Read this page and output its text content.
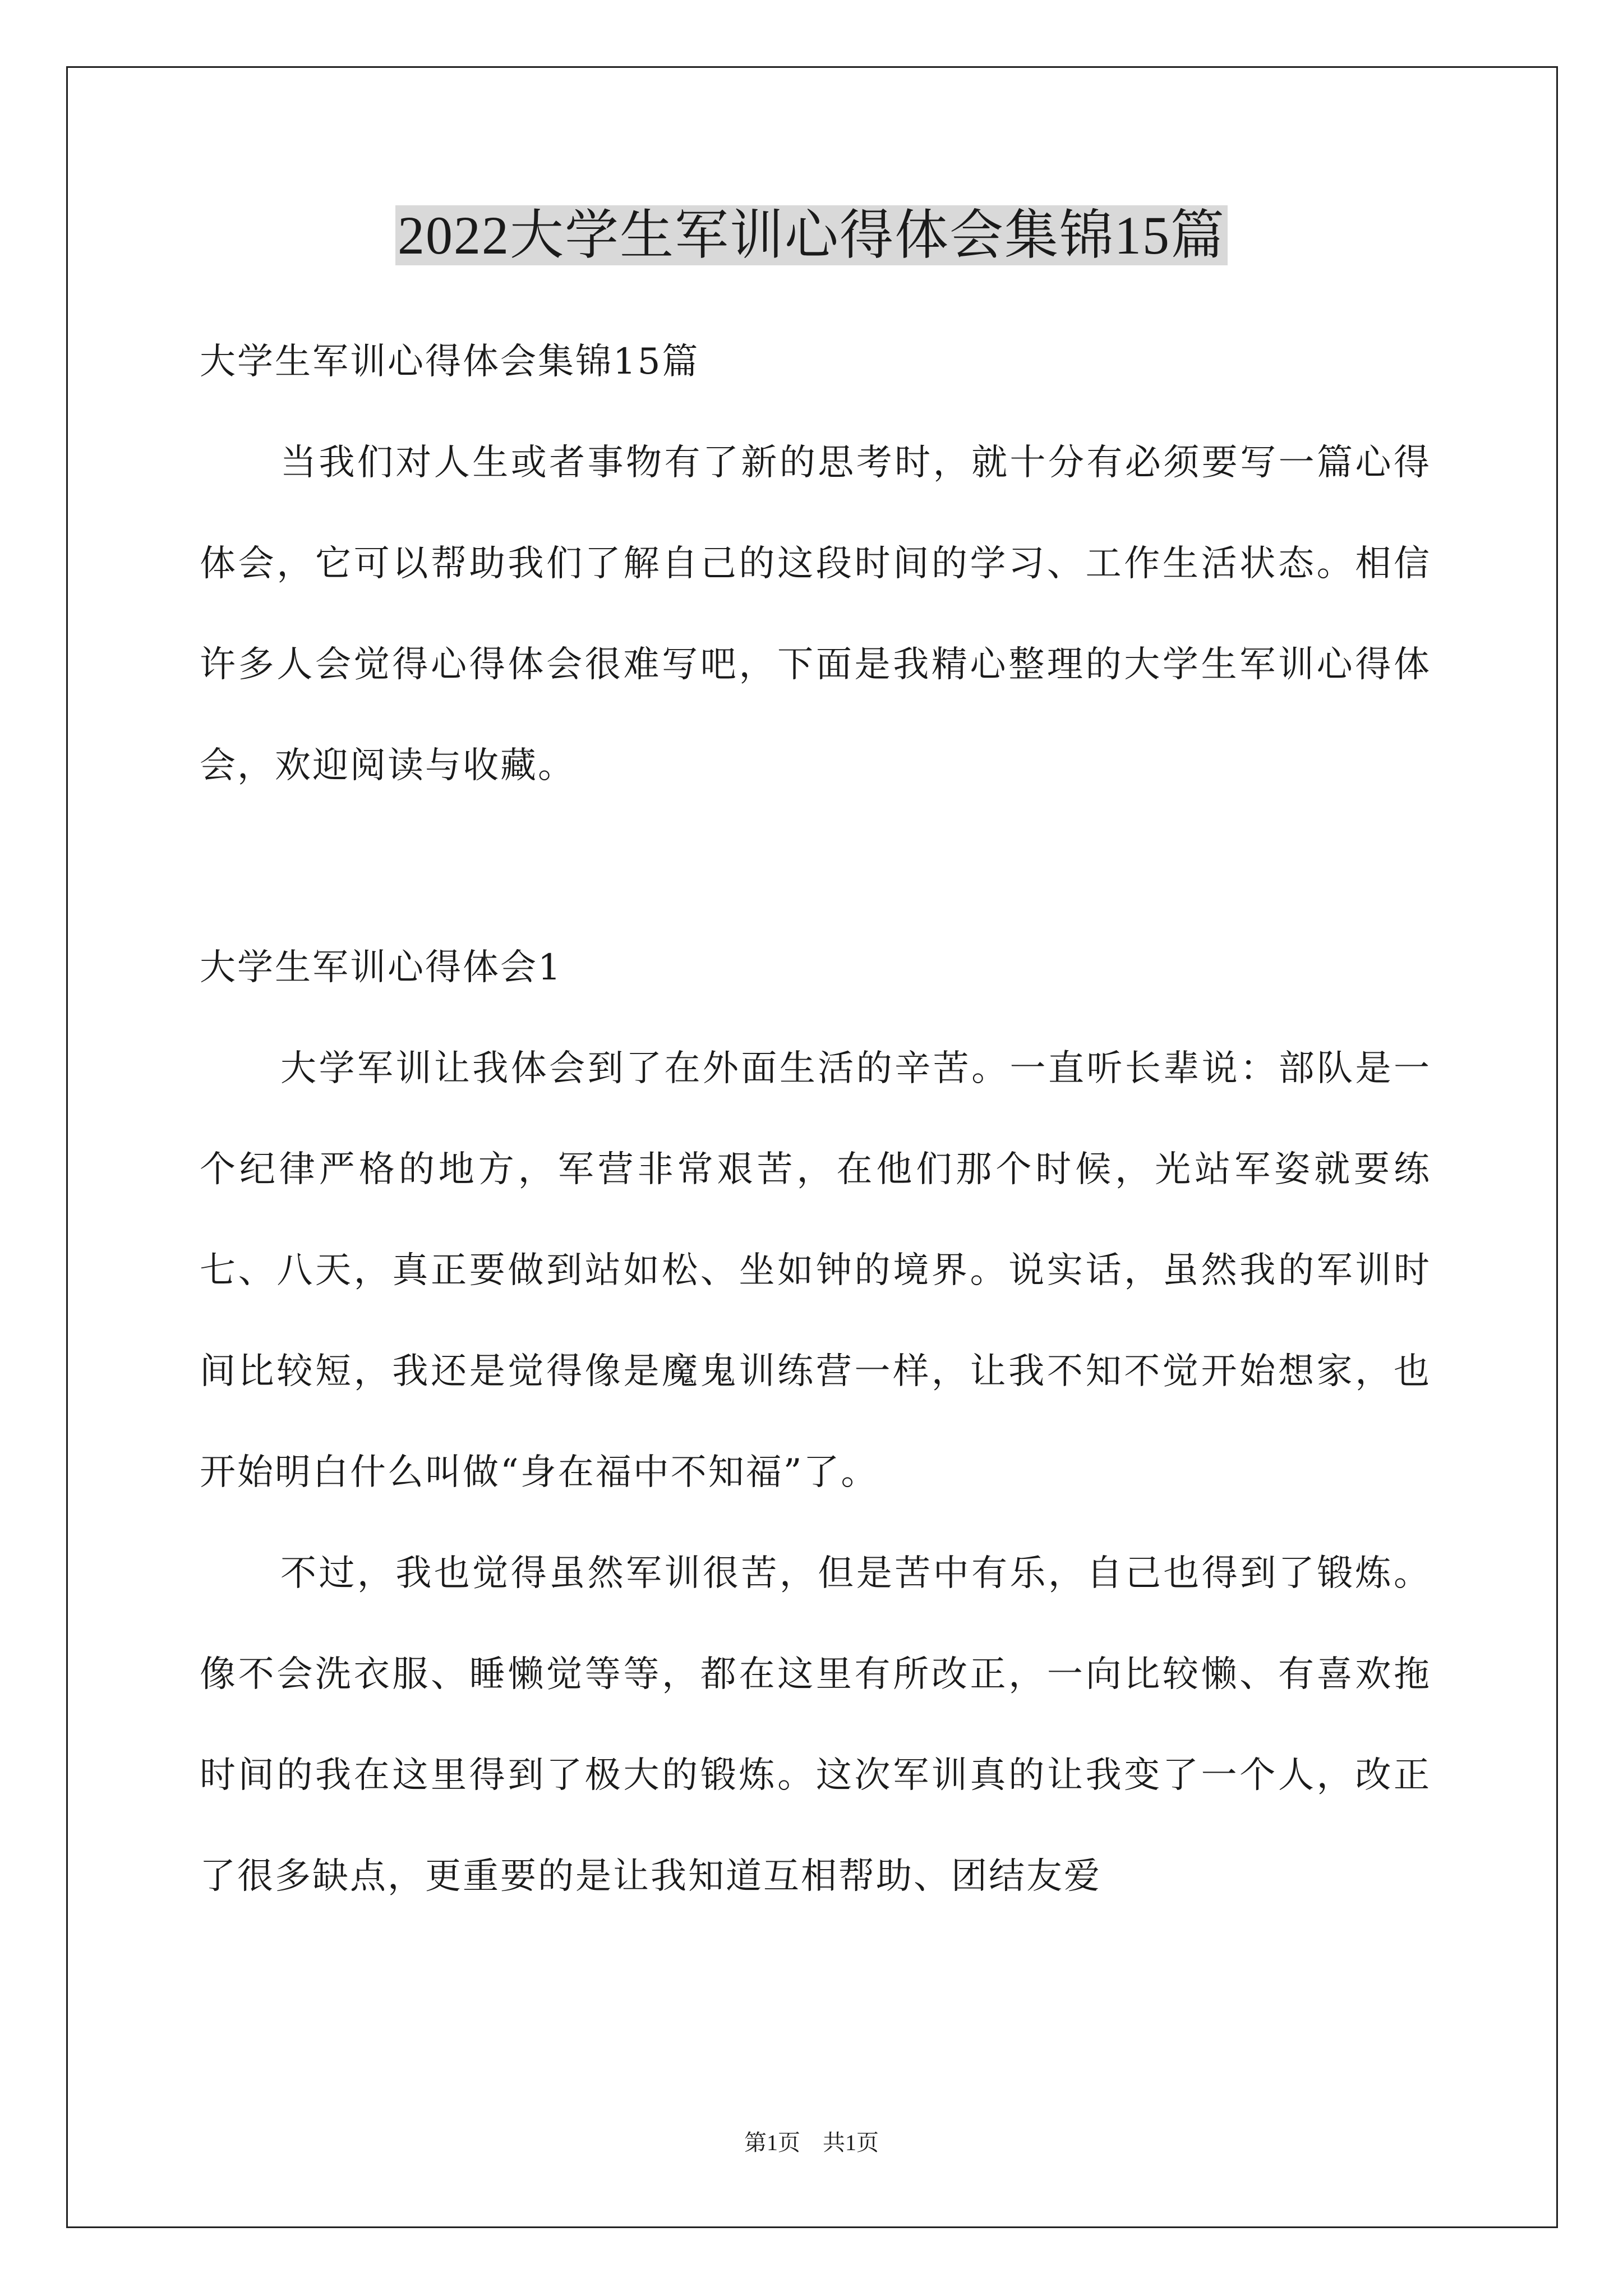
2022大学生军训心得体会集锦15篇

大学生军训心得体会集锦15篇

当我们对人生或者事物有了新的思考时，就十分有必须要写一篇心得体会，它可以帮助我们了解自己的这段时间的学习、工作生活状态。相信许多人会觉得心得体会很难写吧，下面是我精心整理的大学生军训心得体会，欢迎阅读与收藏。

大学生军训心得体会1

大学军训让我体会到了在外面生活的辛苦。一直听长辈说：部队是一个纪律严格的地方，军营非常艰苦，在他们那个时候，光站军姿就要练七、八天，真正要做到站如松、坐如钟的境界。说实话，虽然我的军训时间比较短，我还是觉得像是魔鬼训练营一样，让我不知不觉开始想家，也开始明白什么叫做“身在福中不知福”了。

不过，我也觉得虽然军训很苦，但是苦中有乐，自己也得到了锻炼。像不会洗衣服、睡懒觉等等，都在这里有所改正，一向比较懒、有喜欢拖时间的我在这里得到了极大的锻炼。这次军训真的让我变了一个人，改正了很多缺点，更重要的是让我知道互相帮助、团结友爱

第1页　共1页
